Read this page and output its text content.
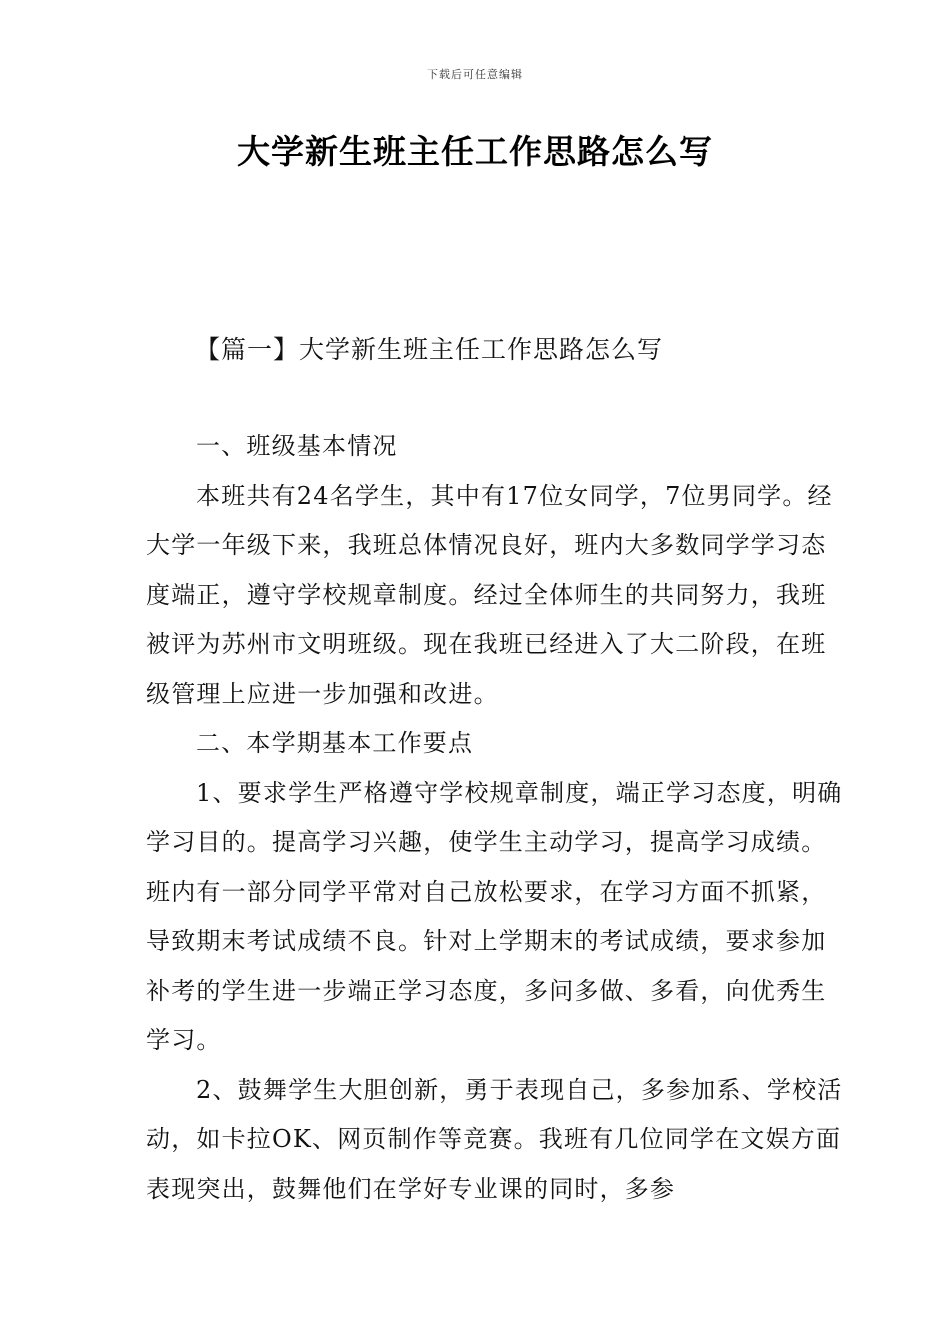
下载后可任意编辑
大学新生班主任工作思路怎么写
【篇一】大学新生班主任工作思路怎么写

一、班级基本情况

本班共有24名学生，其中有17位女同学，7位男同学。经大学一年级下来，我班总体情况良好，班内大多数同学学习态度端正，遵守学校规章制度。经过全体师生的共同努力，我班被评为苏州市文明班级。现在我班已经进入了大二阶段，在班级管理上应进一步加强和改进。

二、本学期基本工作要点

1、要求学生严格遵守学校规章制度，端正学习态度，明确学习目的。提高学习兴趣，使学生主动学习，提高学习成绩。班内有一部分同学平常对自己放松要求，在学习方面不抓紧，导致期末考试成绩不良。针对上学期末的考试成绩，要求参加补考的学生进一步端正学习态度，多问多做、多看，向优秀生学习。

2、鼓舞学生大胆创新，勇于表现自己，多参加系、学校活动，如卡拉OK、网页制作等竞赛。我班有几位同学在文娱方面表现突出，鼓舞他们在学好专业课的同时，多参
